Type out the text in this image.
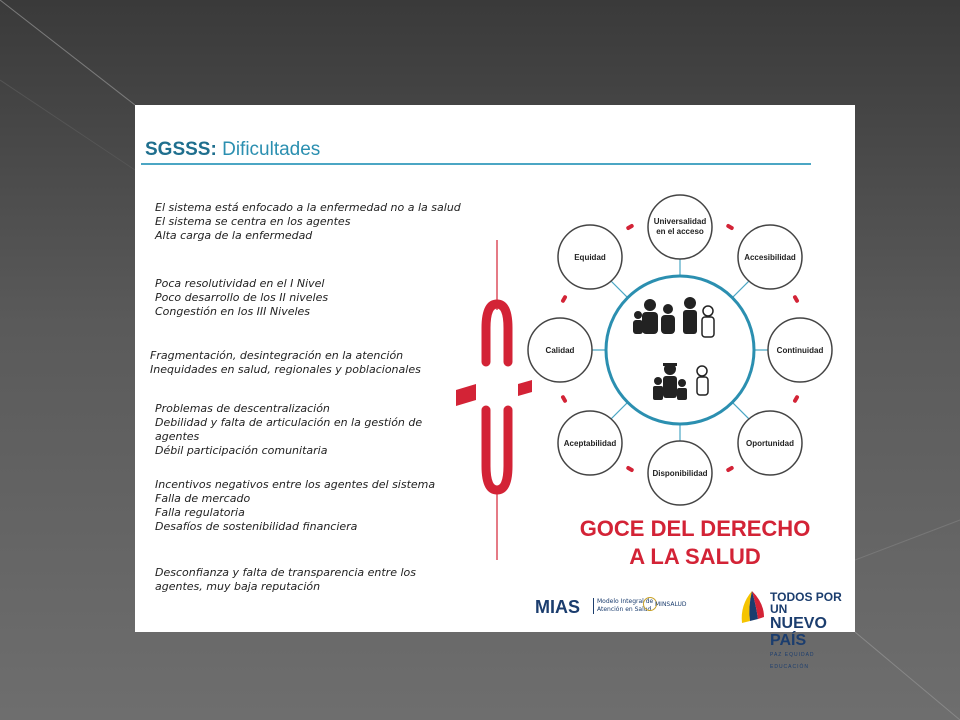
SGSSS: Dificultades
El sistema está enfocado a la enfermedad no a la salud
El sistema se centra en los agentes
Alta carga de la enfermedad
Poca resolutividad en el I Nivel
Poco desarrollo de los II niveles
Congestión en los III Niveles
Fragmentación, desintegración en la atención
Inequidades en salud, regionales y poblacionales
Problemas de descentralización
Debilidad y falta de articulación en la gestión de
agentes
Débil participación comunitaria
Incentivos negativos entre los agentes del sistema
Falla de mercado
Falla regulatoria
Desafíos de sostenibilidad financiera
Desconfianza y falta de transparencia entre los
agentes, muy baja reputación
Universalidad
en el acceso
Accesibilidad
Continuidad
Oportunidad
Disponibilidad
Aceptabilidad
Calidad
Equidad
GOCE DEL DERECHO
A LA SALUD
MIAS	Modelo Integral de
Atención en Salud
MINSALUD
TODOS POR UN
NUEVO PAÍS
PAZ EQUIDAD EDUCACIÓN
